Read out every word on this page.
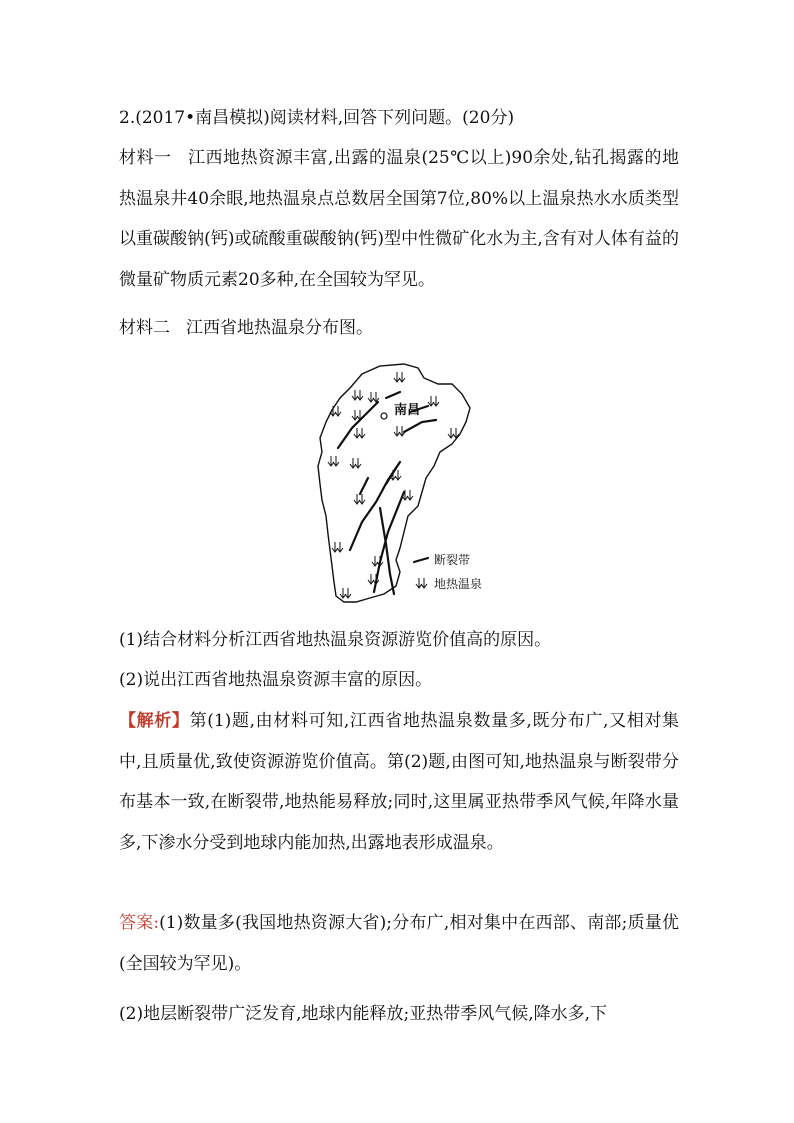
2.(2017•南昌模拟)阅读材料,回答下列问题。(20分)

材料一 江西地热资源丰富,出露的温泉(25℃以上)90余处,钻孔揭露的地热温泉井40余眼,地热温泉点总数居全国第7位,80%以上温泉热水水质类型以重碳酸钠(钙)或硫酸重碳酸钠(钙)型中性微矿化水为主,含有对人体有益的微量矿物质元素20多种,在全国较为罕见。

材料二 江西省地热温泉分布图。
南昌
断裂带
地热温泉
(1)结合材料分析江西省地热温泉资源游览价值高的原因。
(2)说出江西省地热温泉资源丰富的原因。

【解析】第(1)题,由材料可知,江西省地热温泉数量多,既分布广,又相对集中,且质量优,致使资源游览价值高。第(2)题,由图可知,地热温泉与断裂带分布基本一致,在断裂带,地热能易释放;同时,这里属亚热带季风气候,年降水量多,下渗水分受到地球内能加热,出露地表形成温泉。

答案:(1)数量多(我国地热资源大省);分布广,相对集中在西部、南部;质量优(全国较为罕见)。

(2)地层断裂带广泛发育,地球内能释放;亚热带季风气候,降水多,下
